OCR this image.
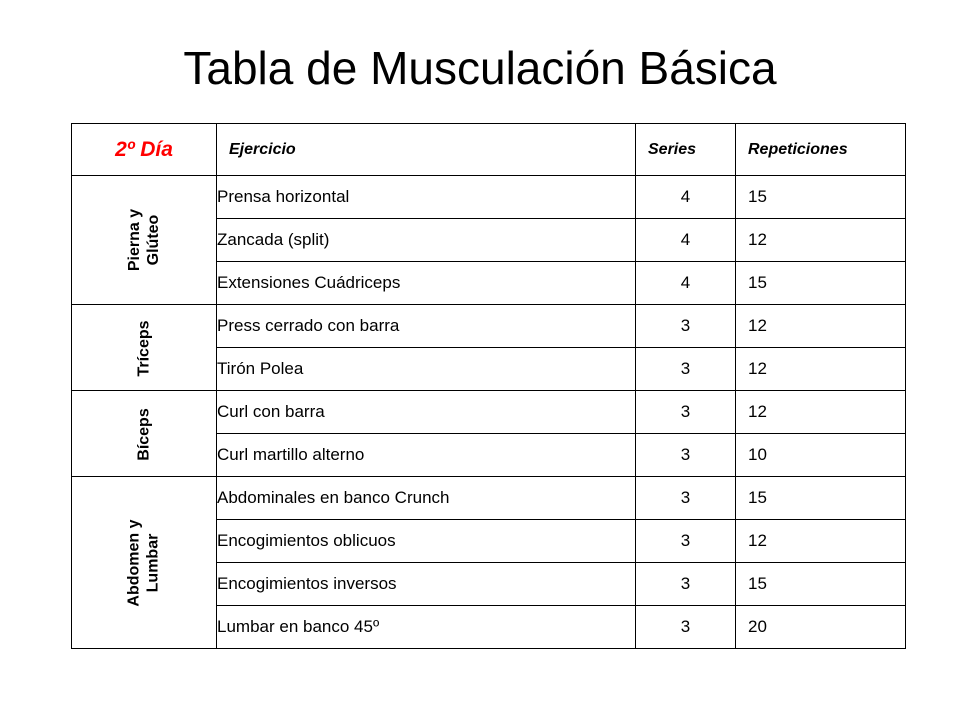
Tabla de Musculación Básica
2º Día	Ejercicio	Series	Repeticiones
Pierna y
Glúteo	Prensa horizontal	4	15
	Zancada (split)	4	12
	Extensiones Cuádriceps	4	15
Tríceps	Press cerrado con barra	3	12
	Tirón Polea	3	12
Bíceps	Curl con barra	3	12
	Curl martillo alterno	3	10
Abdomen y
Lumbar	Abdominales en banco Crunch	3	15
	Encogimientos oblicuos	3	12
	Encogimientos inversos	3	15
	Lumbar en banco 45º	3	20
